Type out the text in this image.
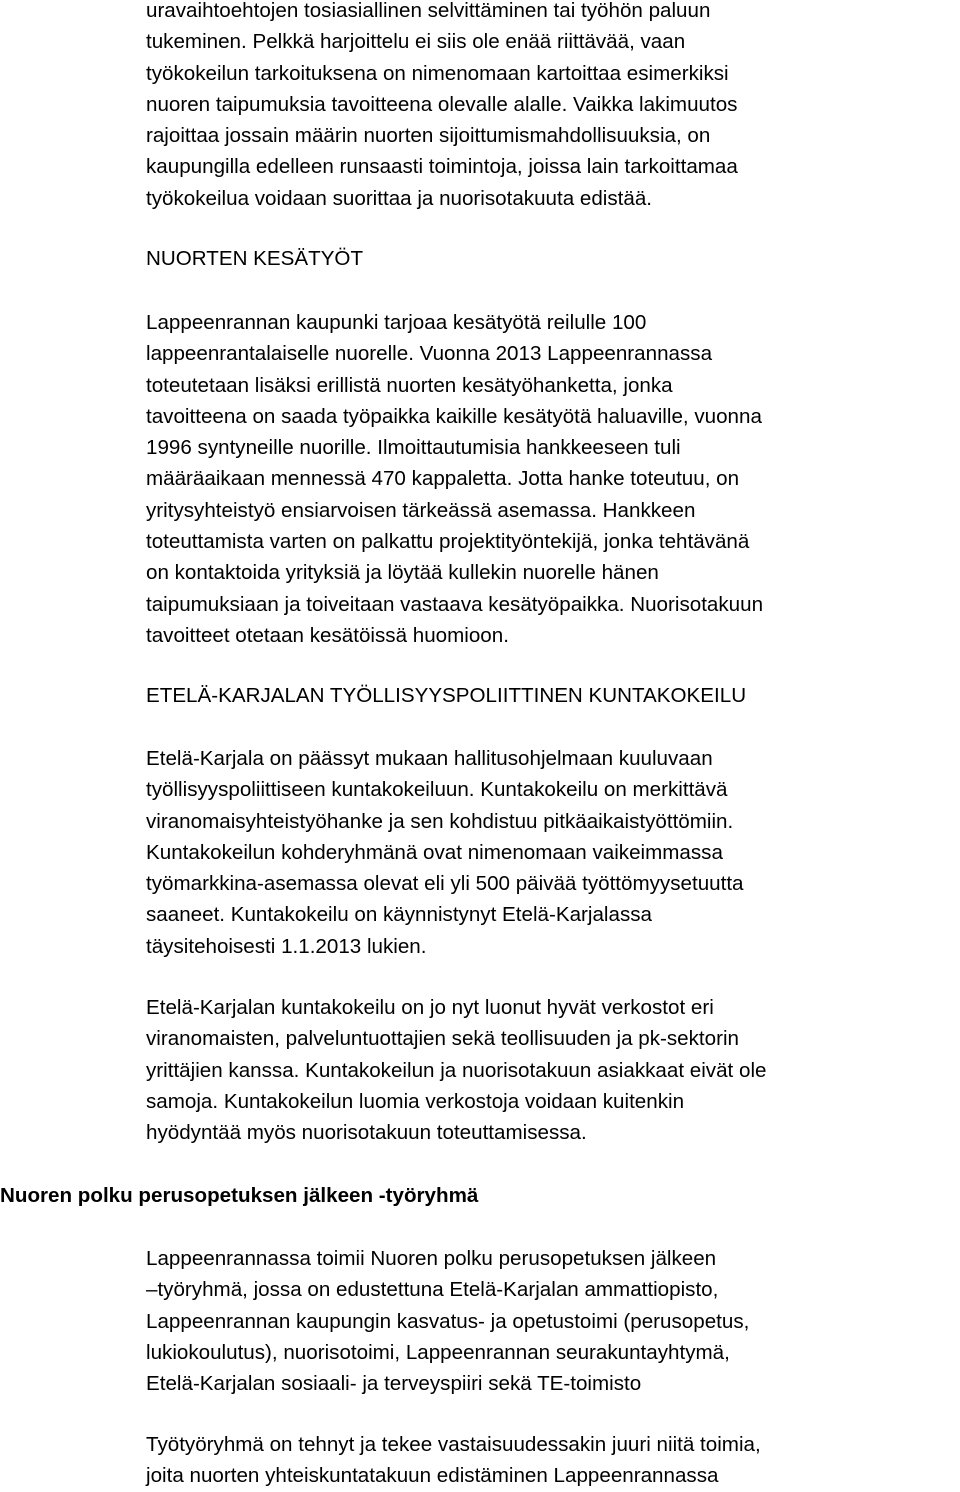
uravaihtoehtojen tosiasiallinen selvittäminen tai työhön paluun
tukeminen. Pelkkä harjoittelu ei siis ole enää riittävää, vaan
työkokeilun tarkoituksena on nimenomaan kartoittaa esimerkiksi
nuoren taipumuksia tavoitteena olevalle alalle. Vaikka lakimuutos
rajoittaa jossain määrin nuorten sijoittumismahdollisuuksia, on
kaupungilla edelleen runsaasti toimintoja, joissa lain tarkoittamaa
työkokeilua voidaan suorittaa ja nuorisotakuuta edistää.

NUORTEN KESÄTYÖT

Lappeenrannan kaupunki tarjoaa kesätyötä reilulle 100
lappeenrantalaiselle nuorelle. Vuonna 2013 Lappeenrannassa
toteutetaan lisäksi erillistä nuorten kesätyöhanketta, jonka
tavoitteena on saada työpaikka kaikille kesätyötä haluaville, vuonna
1996 syntyneille nuorille. Ilmoittautumisia hankkeeseen tuli
määräaikaan mennessä 470 kappaletta. Jotta hanke toteutuu, on
yritysyhteistyö ensiarvoisen tärkeässä asemassa. Hankkeen
toteuttamista varten on palkattu projektityöntekijä, jonka tehtävänä
on kontaktoida yrityksiä ja löytää kullekin nuorelle hänen
taipumuksiaan ja toiveitaan vastaava kesätyöpaikka. Nuorisotakuun
tavoitteet otetaan kesätöissä huomioon.

ETELÄ-KARJALAN TYÖLLISYYSPOLIITTINEN KUNTAKOKEILU

Etelä-Karjala on päässyt mukaan hallitusohjelmaan kuuluvaan
työllisyyspoliittiseen kuntakokeiluun. Kuntakokeilu on merkittävä
viranomaisyhteistyöhanke ja sen kohdistuu pitkäaikaistyöttömiin.
Kuntakokeilun kohderyhmänä ovat nimenomaan vaikeimmassa
työmarkkina-asemassa olevat eli yli 500 päivää työttömyysetuutta
saaneet. Kuntakokeilu on käynnistynyt Etelä-Karjalassa
täysitehoisesti 1.1.2013 lukien.

Etelä-Karjalan kuntakokeilu on jo nyt luonut hyvät verkostot eri
viranomaisten, palveluntuottajien sekä teollisuuden ja pk-sektorin
yrittäjien kanssa. Kuntakokeilun ja nuorisotakuun asiakkaat eivät ole
samoja. Kuntakokeilun luomia verkostoja voidaan kuitenkin
hyödyntää myös nuorisotakuun toteuttamisessa.

Nuoren polku perusopetuksen jälkeen -työryhmä

Lappeenrannassa toimii Nuoren polku perusopetuksen jälkeen
–työryhmä, jossa on edustettuna Etelä-Karjalan ammattiopisto,
Lappeenrannan kaupungin kasvatus- ja opetustoimi (perusopetus,
lukiokoulutus), nuorisotoimi, Lappeenrannan seurakuntayhtymä,
Etelä-Karjalan sosiaali- ja terveyspiiri sekä TE-toimisto

Työtyöryhmä on tehnyt ja tekee vastaisuudessakin juuri niitä toimia,
joita nuorten yhteiskuntatakuun edistäminen Lappeenrannassa
